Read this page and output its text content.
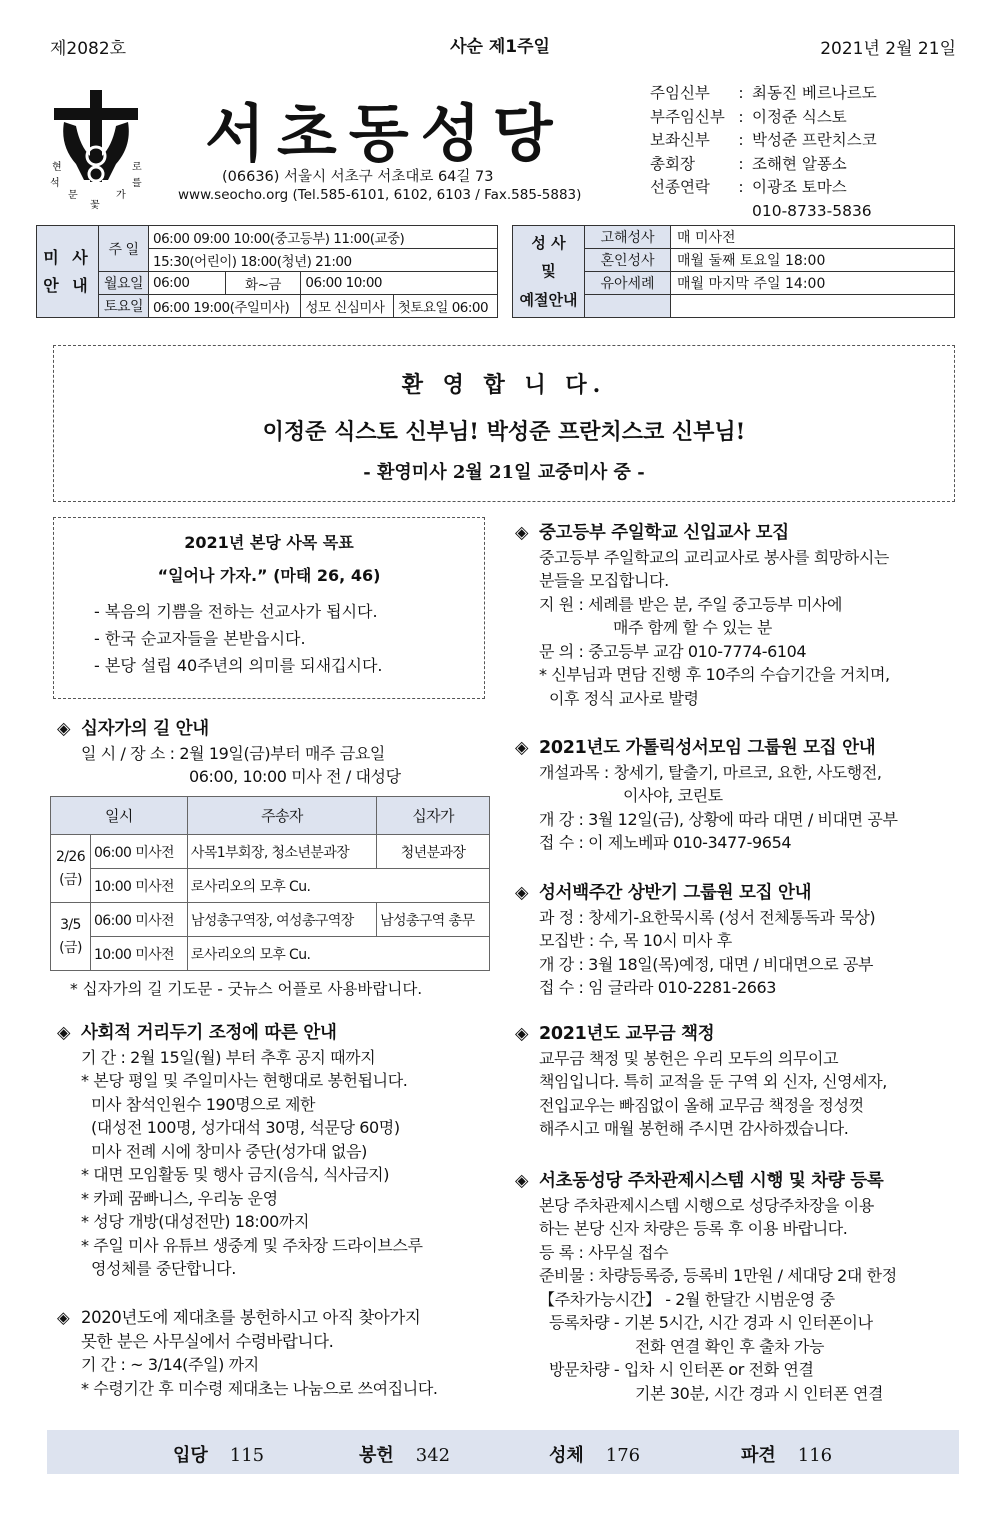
제2082호	사순 제1주일	2021년 2월 21일
현
석
문
꽃
가
를
로 서초동성당
(06636) 서울시 서초구 서초대로 64길 73
www.seocho.org (Tel.585-6101, 6102, 6103 / Fax.585-5883)
주임신부	: 최동진 베르나르도
부주임신부 : 이정준 식스토
보좌신부	: 박성준 프란치스코
총회장	: 조해현 알퐁소
선종연락	: 이광조 토마스
010-8733-5836
미 사
안 내	주 일	06:00 09:00 10:00(중고등부) 11:00(교중)			
		15:30(어린이) 18:00(청년) 21:00			
	월요일	06:00	화~금	06:00 10:00	
	토요일	06:00 19:00(주일미사)		성모 신심미사	첫토요일 06:00
성 사
및
예절안내	고해성사	매 미사전
	혼인성사	매월 둘째 토요일 18:00
	유아세례	매월 마지막 주일 14:00

환 영 합 니 다.
이정준 식스토 신부님! 박성준 프란치스코 신부님!
- 환영미사 2월 21일 교중미사 중 -
2021년 본당 사목 목표
“일어나 가자.” (마태 26, 46)
- 복음의 기쁨을 전하는 선교사가 됩시다.
- 한국 순교자들을 본받읍시다.
- 본당 설립 40주년의 의미를 되새깁시다.
◈ 십자가의 길 안내
일 시 / 장 소 : 2월 19일(금)부터 매주 금요일
06:00, 10:00 미사 전 / 대성당
일시		주송자	십자가
2/26
(금)	06:00 미사전	사목1부회장, 청소년분과장	청년분과장
	10:00 미사전	로사리오의 모후 Cu.	
3/5
(금)	06:00 미사전	남성총구역장, 여성총구역장	남성총구역 총무
	10:00 미사전	로사리오의 모후 Cu.	
* 십자가의 길 기도문 - 굿뉴스 어플로 사용바랍니다.
◈ 사회적 거리두기 조정에 따른 안내
기 간 : 2월 15일(월) 부터 추후 공지 때까지
* 본당 평일 및 주일미사는 현행대로 봉헌됩니다.
미사 참석인원수 190명으로 제한
(대성전 100명, 성가대석 30명, 석문당 60명)
미사 전례 시에 창미사 중단(성가대 없음)
* 대면 모임활동 및 행사 금지(음식, 식사금지)
* 카페 꿈빠니스, 우리농 운영
* 성당 개방(대성전만) 18:00까지
* 주일 미사 유튜브 생중계 및 주차장 드라이브스루
영성체를 중단합니다.
◈ 2020년도에 제대초를 봉헌하시고 아직 찾아가지
못한 분은 사무실에서 수령바랍니다.
기 간 : ~ 3/14(주일) 까지
* 수령기간 후 미수령 제대초는 나눔으로 쓰여집니다.
◈ 중고등부 주일학교 신입교사 모집
중고등부 주일학교의 교리교사로 봉사를 희망하시는
분들을 모집합니다.
지 원 : 세례를 받은 분, 주일 중고등부 미사에
매주 함께 할 수 있는 분
문 의 : 중고등부 교감 010-7774-6104
* 신부님과 면담 진행 후 10주의 수습기간을 거치며,
이후 정식 교사로 발령
◈ 2021년도 가톨릭성서모임 그룹원 모집 안내
개설과목 : 창세기, 탈출기, 마르코, 요한, 사도행전,
이사야, 코린토
개 강 : 3월 12일(금), 상황에 따라 대면 / 비대면 공부
접 수 : 이 제노베파 010-3477-9654
◈ 성서백주간 상반기 그룹원 모집 안내
과 정 : 창세기-요한묵시록 (성서 전체통독과 묵상)
모집반 : 수, 목 10시 미사 후
개 강 : 3월 18일(목)예정, 대면 / 비대면으로 공부
접 수 : 임 글라라 010-2281-2663
◈ 2021년도 교무금 책정
교무금 책정 및 봉헌은 우리 모두의 의무이고
책임입니다. 특히 교적을 둔 구역 외 신자, 신영세자,
전입교우는 빠짐없이 올해 교무금 책정을 정성껏
해주시고 매월 봉헌해 주시면 감사하겠습니다.
◈ 서초동성당 주차관제시스템 시행 및 차량 등록
본당 주차관제시스템 시행으로 성당주차장을 이용
하는 본당 신자 차량은 등록 후 이용 바랍니다.
등 록 : 사무실 접수
준비물 : 차량등록증, 등록비 1만원 / 세대당 2대 한정
【주차가능시간】 - 2월 한달간 시범운영 중
등록차량 - 기본 5시간, 시간 경과 시 인터폰이나
전화 연결 확인 후 출차 가능
방문차량 - 입차 시 인터폰 or 전화 연결
기본 30분, 시간 경과 시 인터폰 연결
입당 115	봉헌 342	성체 176	파견 116
